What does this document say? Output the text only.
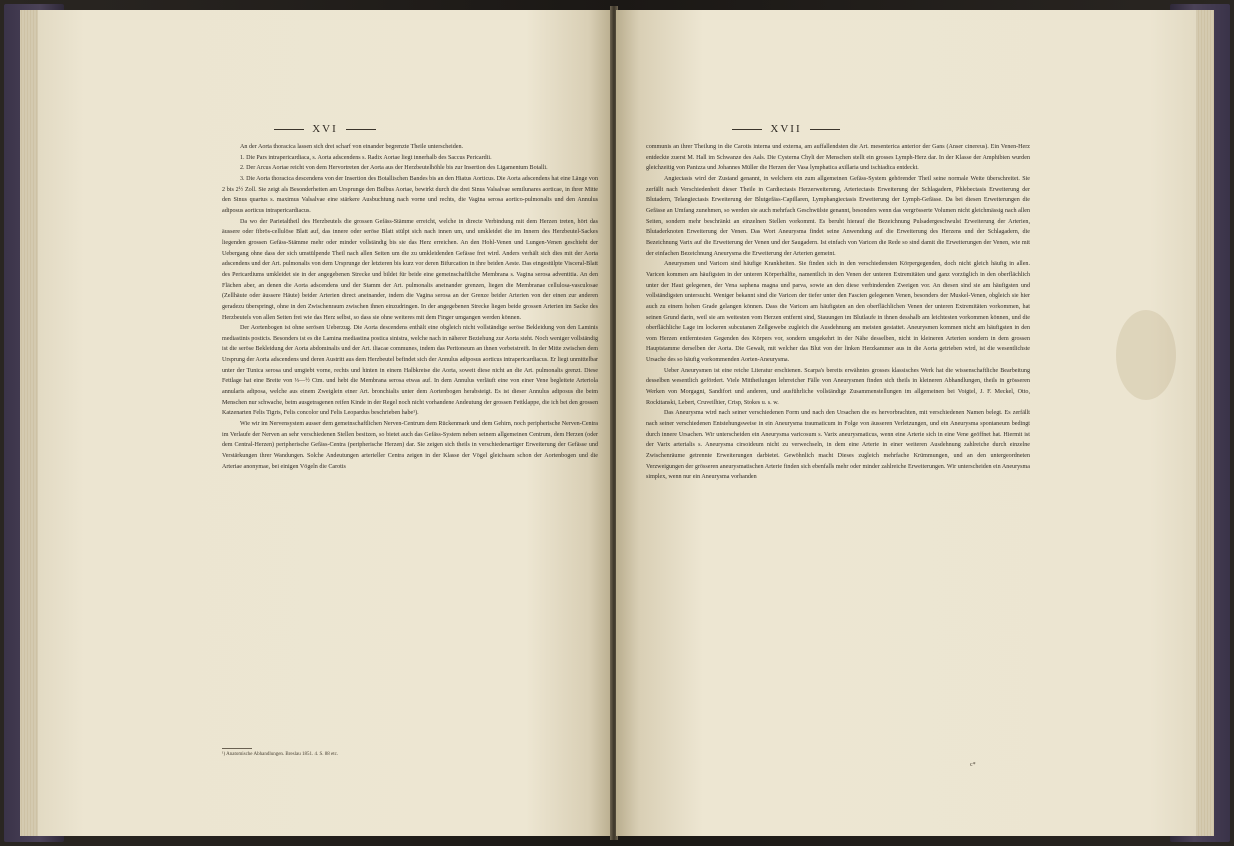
XVI

An der Aorta thoracica lassen sich drei scharf von einander begrenzte Theile unterscheiden.

1. Die Pars intrapericardiaca, s. Aorta adscendens s. Radix Aortae liegt innerhalb des Saccus Pericardii.

2. Der Arcus Aortae reicht von dem Hervortreten der Aorta aus der Herzbeutelhöhle bis zur Insertion des Ligamentum Botalli.

3. Die Aorta thoracica descendens von der Insertion des Botallischen Bandes bis an den Hiatus Aorticus. Die Aorta adscendens hat eine Länge von 2 bis 2½ Zoll. Sie zeigt als Besonderheiten am Ursprunge den Bulbus Aortae, bewirkt durch die drei Sinus Valsalvae semilunares aorticae, in ihrer Mitte den Sinus quartus s. maximus Valsalvae eine stärkere Ausbuchtung nach vorne und rechts, die Vagina serosa aortico-pulmonalis und den Annulus adiposus aorticus intrapericardiacus.

Da wo der Parietaltheil des Herzbeutels die grossen Gefäss-Stämme erreicht, welche in directe Verbindung mit dem Herzen treten, hört das äussere oder fibrös-cellulöse Blatt auf, das innere oder seröse Blatt stülpt sich nach innen um, und umkleidet die im Innern des Herzbeutel-Sackes liegenden grossen Gefäss-Stämme mehr oder minder vollständig bis sie das Herz erreichen. An den Hohl-Venen und Lungen-Venen geschieht der Uebergang ohne dass der sich umstülpende Theil nach allen Seiten um die zu umkleidenden Gefässe frei wird. Anders verhält sich dies mit der Aorta adscendens und der Art. pulmonalis von dem Ursprunge der letzteren bis kurz vor deren Bifurcation in ihre beiden Aeste. Das eingestülpte Visceral-Blatt des Pericardiums umkleidet sie in der angegebenen Strecke und bildet für beide eine gemeinschaftliche Membrana s. Vagina serosa adventitia. An den Flächen aber, an denen die Aorta adscendens und der Stamm der Art. pulmonalis aneinander grenzen, liegen die Membranae cellulosa-vasculosae (Zellhäute oder äussere Häute) beider Arterien direct aneinander, indem die Vagina serosa an der Grenze beider Arterien von der einen zur anderen geradezu überspringt, ohne in den Zwischenraum zwischen ihnen einzudringen. In der angegebenen Strecke liegen beide grossen Arterien im Sacke des Herzbeutels von allen Seiten frei wie das Herz selbst, so dass sie ohne weiteres mit dem Finger umgangen werden können.

Der Aortenbogen ist ohne serösen Ueberzug. Die Aorta descendens enthält eine obgleich nicht vollständige seröse Bekleidung von den Laminis mediastinis posticis. Besonders ist es die Lamina mediastina postica sinistra, welche nach in näherer Beziehung zur Aorta steht. Noch weniger vollständig ist die seröse Bekleidung der Aorta abdominalis und der Art. iliacae communes, indem das Peritoneum an ihnen vorbeistreift. In der Mitte zwischen dem Ursprung der Aorta adscendens und deren Austritt aus dem Herzbeutel befindet sich der Annulus adiposus aorticus intrapericardiacus. Er liegt unmittelbar unter der Tunica serosa und umgiebt vorne, rechts und hinten in einem Halbkreise die Aorta, soweit diese nicht an die Art. pulmonalis grenzt. Diese Fettlage hat eine Breite von ⅓—½ Ctm. und hebt die Membrana serosa etwas auf. In dem Annulus verläuft eine von einer Vene begleitete Arteriola annularis adiposa, welche aus einem Zweiglein einer Art. bronchialis unter dem Aortenbogen herabsteigt. Es ist dieser Annulus adiposus die beim Menschen nur schwache, beim ausgetragenen reifen Kinde in der Regel noch nicht vorhandene Andeutung der grossen Fettklappe, die ich bei den grossen Katzenarten Felis Tigris, Felis concolor und Felis Leopardus beschrieben habe¹).

Wie wir im Nervensystem ausser dem gemeinschaftlichen Nerven-Centrum dem Rückenmark und dem Gehirn, noch peripherische Nerven-Centra im Verlaufe der Nerven an sehr verschiedenen Stellen besitzen, so bietet auch das Gefäss-System neben seinem allgemeinen Centrum, dem Herzen (oder dem Central-Herzen) peripherische Gefäss-Centra (peripherische Herzen) dar. Sie zeigen sich theils in verschiedenartiger Erweiterung der Gefässe und Verstärkungen ihrer Wandungen. Solche Andeutungen arterieller Centra zeigen in der Klasse der Vögel gleichsam schon der Aortenbogen und die Arteriae anonymae, bei einigen Vögeln die Carotis

¹) Anatomische Abhandlungen. Breslau 1851. 4. S. 88 etc.
XVII

communis an ihrer Theilung in die Carotis interna und externa, am auffallendsten die Art. mesenterica anterior der Gans (Anser cinereus). Ein Venen-Herz entdeckte zuerst M. Hall im Schwanze des Aals. Die Cysterna Chyli der Menschen stellt ein grosses Lymph-Herz dar. In der Klasse der Amphibien wurden gleichzeitig von Panizza und Johannes Müller die Herzen der Vasa lymphatica axillaria und ischiadica entdeckt.

Angiectasis wird der Zustand genannt, in welchem ein zum allgemeinen Gefäss-System gehörender Theil seine normale Weite überschreitet. Sie zerfällt nach Verschiedenheit dieser Theile in Cardiectasis Herzerweiterung, Arteriectasis Erweiterung der Schlagadern, Phlebectasis Erweiterung der Blutadern, Telangiectasis Erweiterung der Blutgefäss-Capillaren, Lymphangiectasis Erweiterung der Lymph-Gefässe. Da bei diesen Erweiterungen die Gefässe an Umfang zunehmen, so werden sie auch mehrfach Geschwülste genannt, besonders wenn das vergrösserte Volumen nicht gleichmässig nach allen Seiten, sondern mehr beschränkt an einzelnen Stellen vorkommt. Es beruht hierauf die Bezeichnung Pulsadergeschwulst Erweiterung der Arterien, Blutaderknoten Erweiterung der Venen. Das Wort Aneurysma findet seine Anwendung auf die Erweiterung des Herzens und der Schlagadern, die Bezeichnung Varix auf die Erweiterung der Venen und der Saugadern. Ist einfach von Varicen die Rede so sind damit die Erweiterungen der Venen, wie mit der einfachen Bezeichnung Aneurysma die Erweiterung der Arterien gemeint.

Aneurysmen und Varicen sind häufige Krankheiten. Sie finden sich in den verschiedensten Körpergegenden, doch nicht gleich häufig in allen. Varicen kommen am häufigsten in der unteren Körperhälfte, namentlich in den Venen der unteren Extremitäten und ganz vorzüglich in den oberflächlich unter der Haut gelegenen, der Vena saphena magna und parva, sowie an den diese verbindenden Zweigen vor. An diesen sind sie am häufigsten und vollständigsten untersucht. Weniger bekannt sind die Varicen der tiefer unter den Fascien gelegenen Venen, besonders der Muskel-Venen, obgleich sie hier auch zu einem hohen Grade gelangen können. Dass die Varicen am häufigsten an den oberflächlichen Venen der unteren Extremitäten vorkommen, hat seinen Grund darin, weil sie am weitesten vom Herzen entfernt sind, Stauungen im Blutlaufe in ihnen desshalb am leichtesten vorkommen können, und die oberflächliche Lage im lockeren subcutanen Zellgewebe zugleich die Ausdehnung am meisten gestattet. Aneurysmen kommen nicht am häufigsten in den vom Herzen entferntesten Gegenden des Körpers vor, sondern umgekehrt in der Nähe desselben, nicht in kleineren Arterien sondern in dem grossen Hauptstamme derselben der Aorta. Die Gewalt, mit welcher das Blut von der linken Herzkammer aus in die Aorta getrieben wird, ist die wesentlichste Ursache des so häufig vorkommenden Aorten-Aneurysma.

Ueber Aneurysmen ist eine reiche Literatur erschienen. Scarpa's bereits erwähntes grosses klassisches Werk hat die wissenschaftliche Bearbeitung desselben wesentlich gefördert. Viele Mittheilungen lehrreicher Fälle von Aneurysmen finden sich theils in kleineren Abhandlungen, theils in grösseren Werken von Morgagni, Sandifort und anderen, und ausführliche vollständige Zusammenstellungen im allgemeinen bei Voigtel, J. F. Meckel, Otto, Rockitanski, Lebert, Cruveilhier, Crisp, Stokes u. s. w.

Das Aneurysma wird nach seiner verschiedenen Form und nach den Ursachen die es hervorbrachten, mit verschiedenen Namen belegt. Es zerfällt nach seiner verschiedenen Entstehungsweise in ein Aneurysma traumaticum in Folge von äusseren Verletzungen, und ein Aneurysma spontaneum bedingt durch innere Ursachen. Wir unterscheiden ein Aneurysma varicosum s. Varix aneurysmaticus, wenn eine Arterie sich in eine Vene geöffnet hat. Hiermit ist der Varix arterialis s. Aneurysma cirsoideum nicht zu verwechseln, in dem eine Arterie in einer weiteren Ausdehnung zahlreiche durch einzelne Zwischenräume getrennte Erweiterungen darbietet. Gewöhnlich macht Dieses zugleich mehrfache Krümmungen, und an den untergeordneten Verzweigungen der grösseren aneurysmatischen Arterie finden sich ebenfalls mehr oder minder zahlreiche Erweiterungen. Wir unterscheiden ein Aneurysma simplex, wenn nur ein Aneurysma vorhanden

c*
